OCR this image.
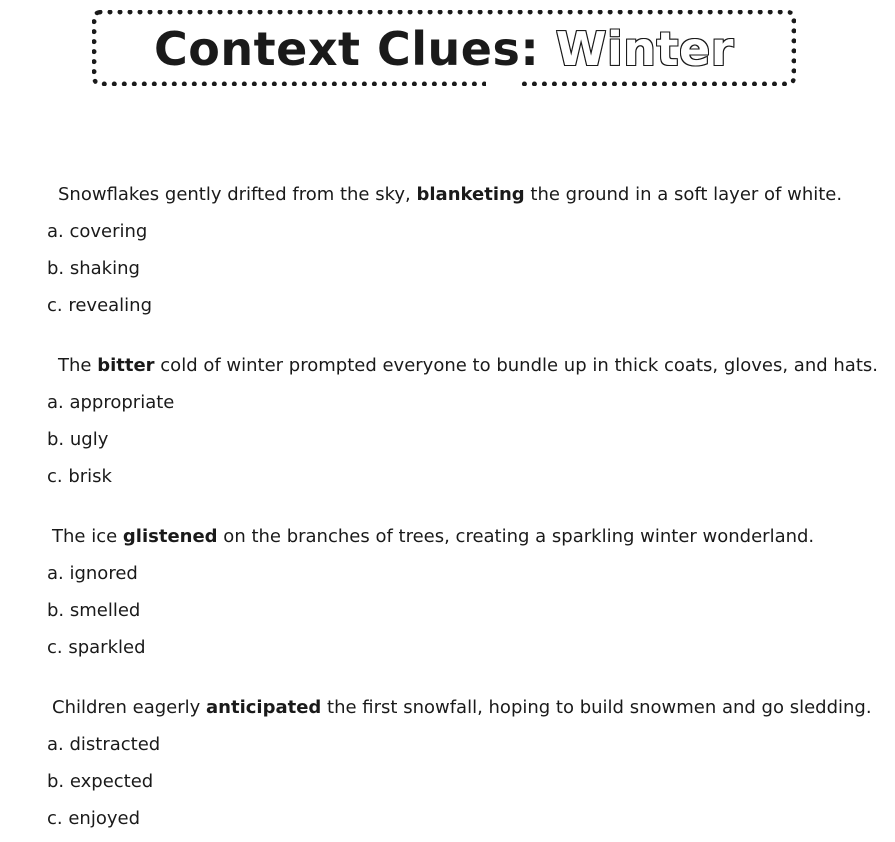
Context Clues: Winter
Snowflakes gently drifted from the sky, blanketing the ground in a soft layer of white.
a. covering
b. shaking
c. revealing
The bitter cold of winter prompted everyone to bundle up in thick coats, gloves, and hats.
a. appropriate
b. ugly
c. brisk
The ice glistened on the branches of trees, creating a sparkling winter wonderland.
a. ignored
b. smelled
c. sparkled
Children eagerly anticipated the first snowfall, hoping to build snowmen and go sledding.
a. distracted
b. expected
c. enjoyed
